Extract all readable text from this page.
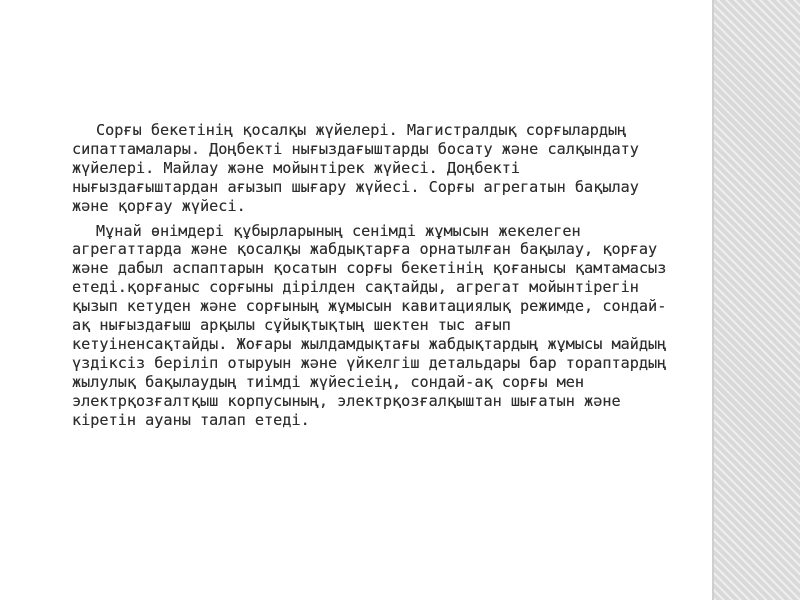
Сорғы бекетінің қосалқы жүйелері. Магистралдық сорғылардың сипаттамалары. Доңбекті нығыздағыштарды босату және салқындату жүйелері. Майлау және мойынтірек жүйесі. Доңбекті нығыздағыштардан ағызып шығару жүйесі. Сорғы агрегатын бақылау және қорғау жүйесі.

Мұнай өнімдері құбырларының сенімді жұмысын жекелеген агрегаттарда және қосалқы жабдықтарға орнатылған бақылау, қорғау және дабыл аспаптарын қосатын сорғы бекетінің қоғанысы қамтамасыз етеді.қорғаныс сорғыны дірілден сақтайды, агрегат мойынтірегін қызып кетуден және сорғының жұмысын кавитациялық режимде, сондай-ақ нығыздағыш арқылы сұйықтықтың шектен тыс ағып кетуіненсақтайды. Жоғары жылдамдықтағы жабдықтардың жұмысы майдың үздіксіз беріліп отыруын және үйкелгіш детальдары бар тораптардың жылулық бақылаудың тиімді жүйесіеің, сондай-ақ сорғы мен электрқозғалтқыш корпусының, электрқозғалқыштан шығатын және кіретін ауаны талап етеді.
